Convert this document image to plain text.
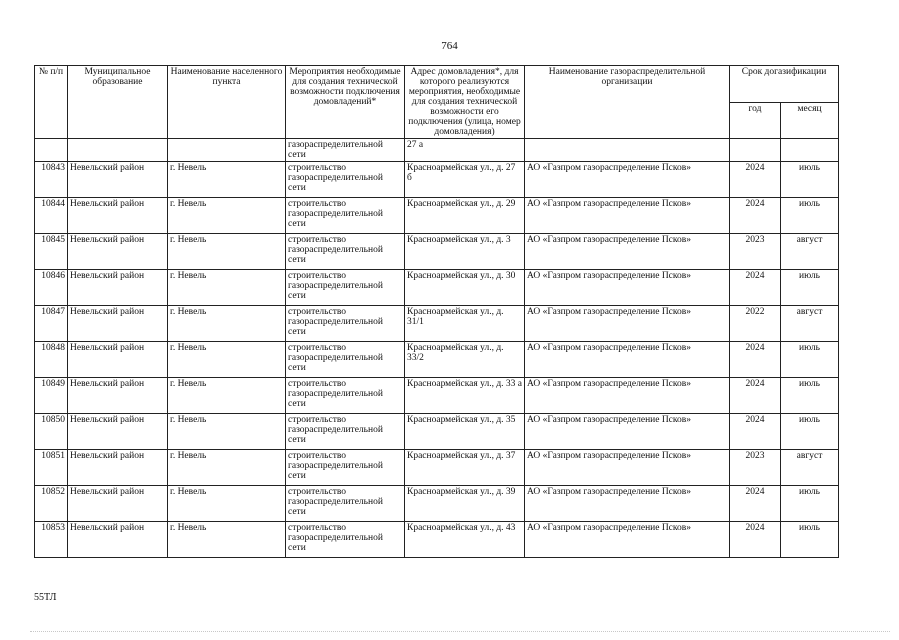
764
№ п/п	Муниципальное образование	Наименование населенного пункта	Мероприятия необходимые для создания технической возможности подключения домовладений*	Адрес домовладения*, для которого реализуются мероприятия, необходимые для создания технической возможности его подключения (улица, номер домовладения)	Наименование газораспределительной организации	Срок догазификации	
						год	месяц
			газораспределительной сети	27 а			
10843	Невельский район	г. Невель	строительство газораспределительной сети	Красноармейская ул., д. 27 б	АО «Газпром газораспределение Псков»	2024	июль
10844	Невельский район	г. Невель	строительство газораспределительной сети	Красноармейская ул., д. 29	АО «Газпром газораспределение Псков»	2024	июль
10845	Невельский район	г. Невель	строительство газораспределительной сети	Красноармейская ул., д. 3	АО «Газпром газораспределение Псков»	2023	август
10846	Невельский район	г. Невель	строительство газораспределительной сети	Красноармейская ул., д. 30	АО «Газпром газораспределение Псков»	2024	июль
10847	Невельский район	г. Невель	строительство газораспределительной сети	Красноармейская ул., д. 31/1	АО «Газпром газораспределение Псков»	2022	август
10848	Невельский район	г. Невель	строительство газораспределительной сети	Красноармейская ул., д. 33/2	АО «Газпром газораспределение Псков»	2024	июль
10849	Невельский район	г. Невель	строительство газораспределительной сети	Красноармейская ул., д. 33 а	АО «Газпром газораспределение Псков»	2024	июль
10850	Невельский район	г. Невель	строительство газораспределительной сети	Красноармейская ул., д. 35	АО «Газпром газораспределение Псков»	2024	июль
10851	Невельский район	г. Невель	строительство газораспределительной сети	Красноармейская ул., д. 37	АО «Газпром газораспределение Псков»	2023	август
10852	Невельский район	г. Невель	строительство газораспределительной сети	Красноармейская ул., д. 39	АО «Газпром газораспределение Псков»	2024	июль
10853	Невельский район	г. Невель	строительство газораспределительной сети	Красноармейская ул., д. 43	АО «Газпром газораспределение Псков»	2024	июль
55ТЛ
